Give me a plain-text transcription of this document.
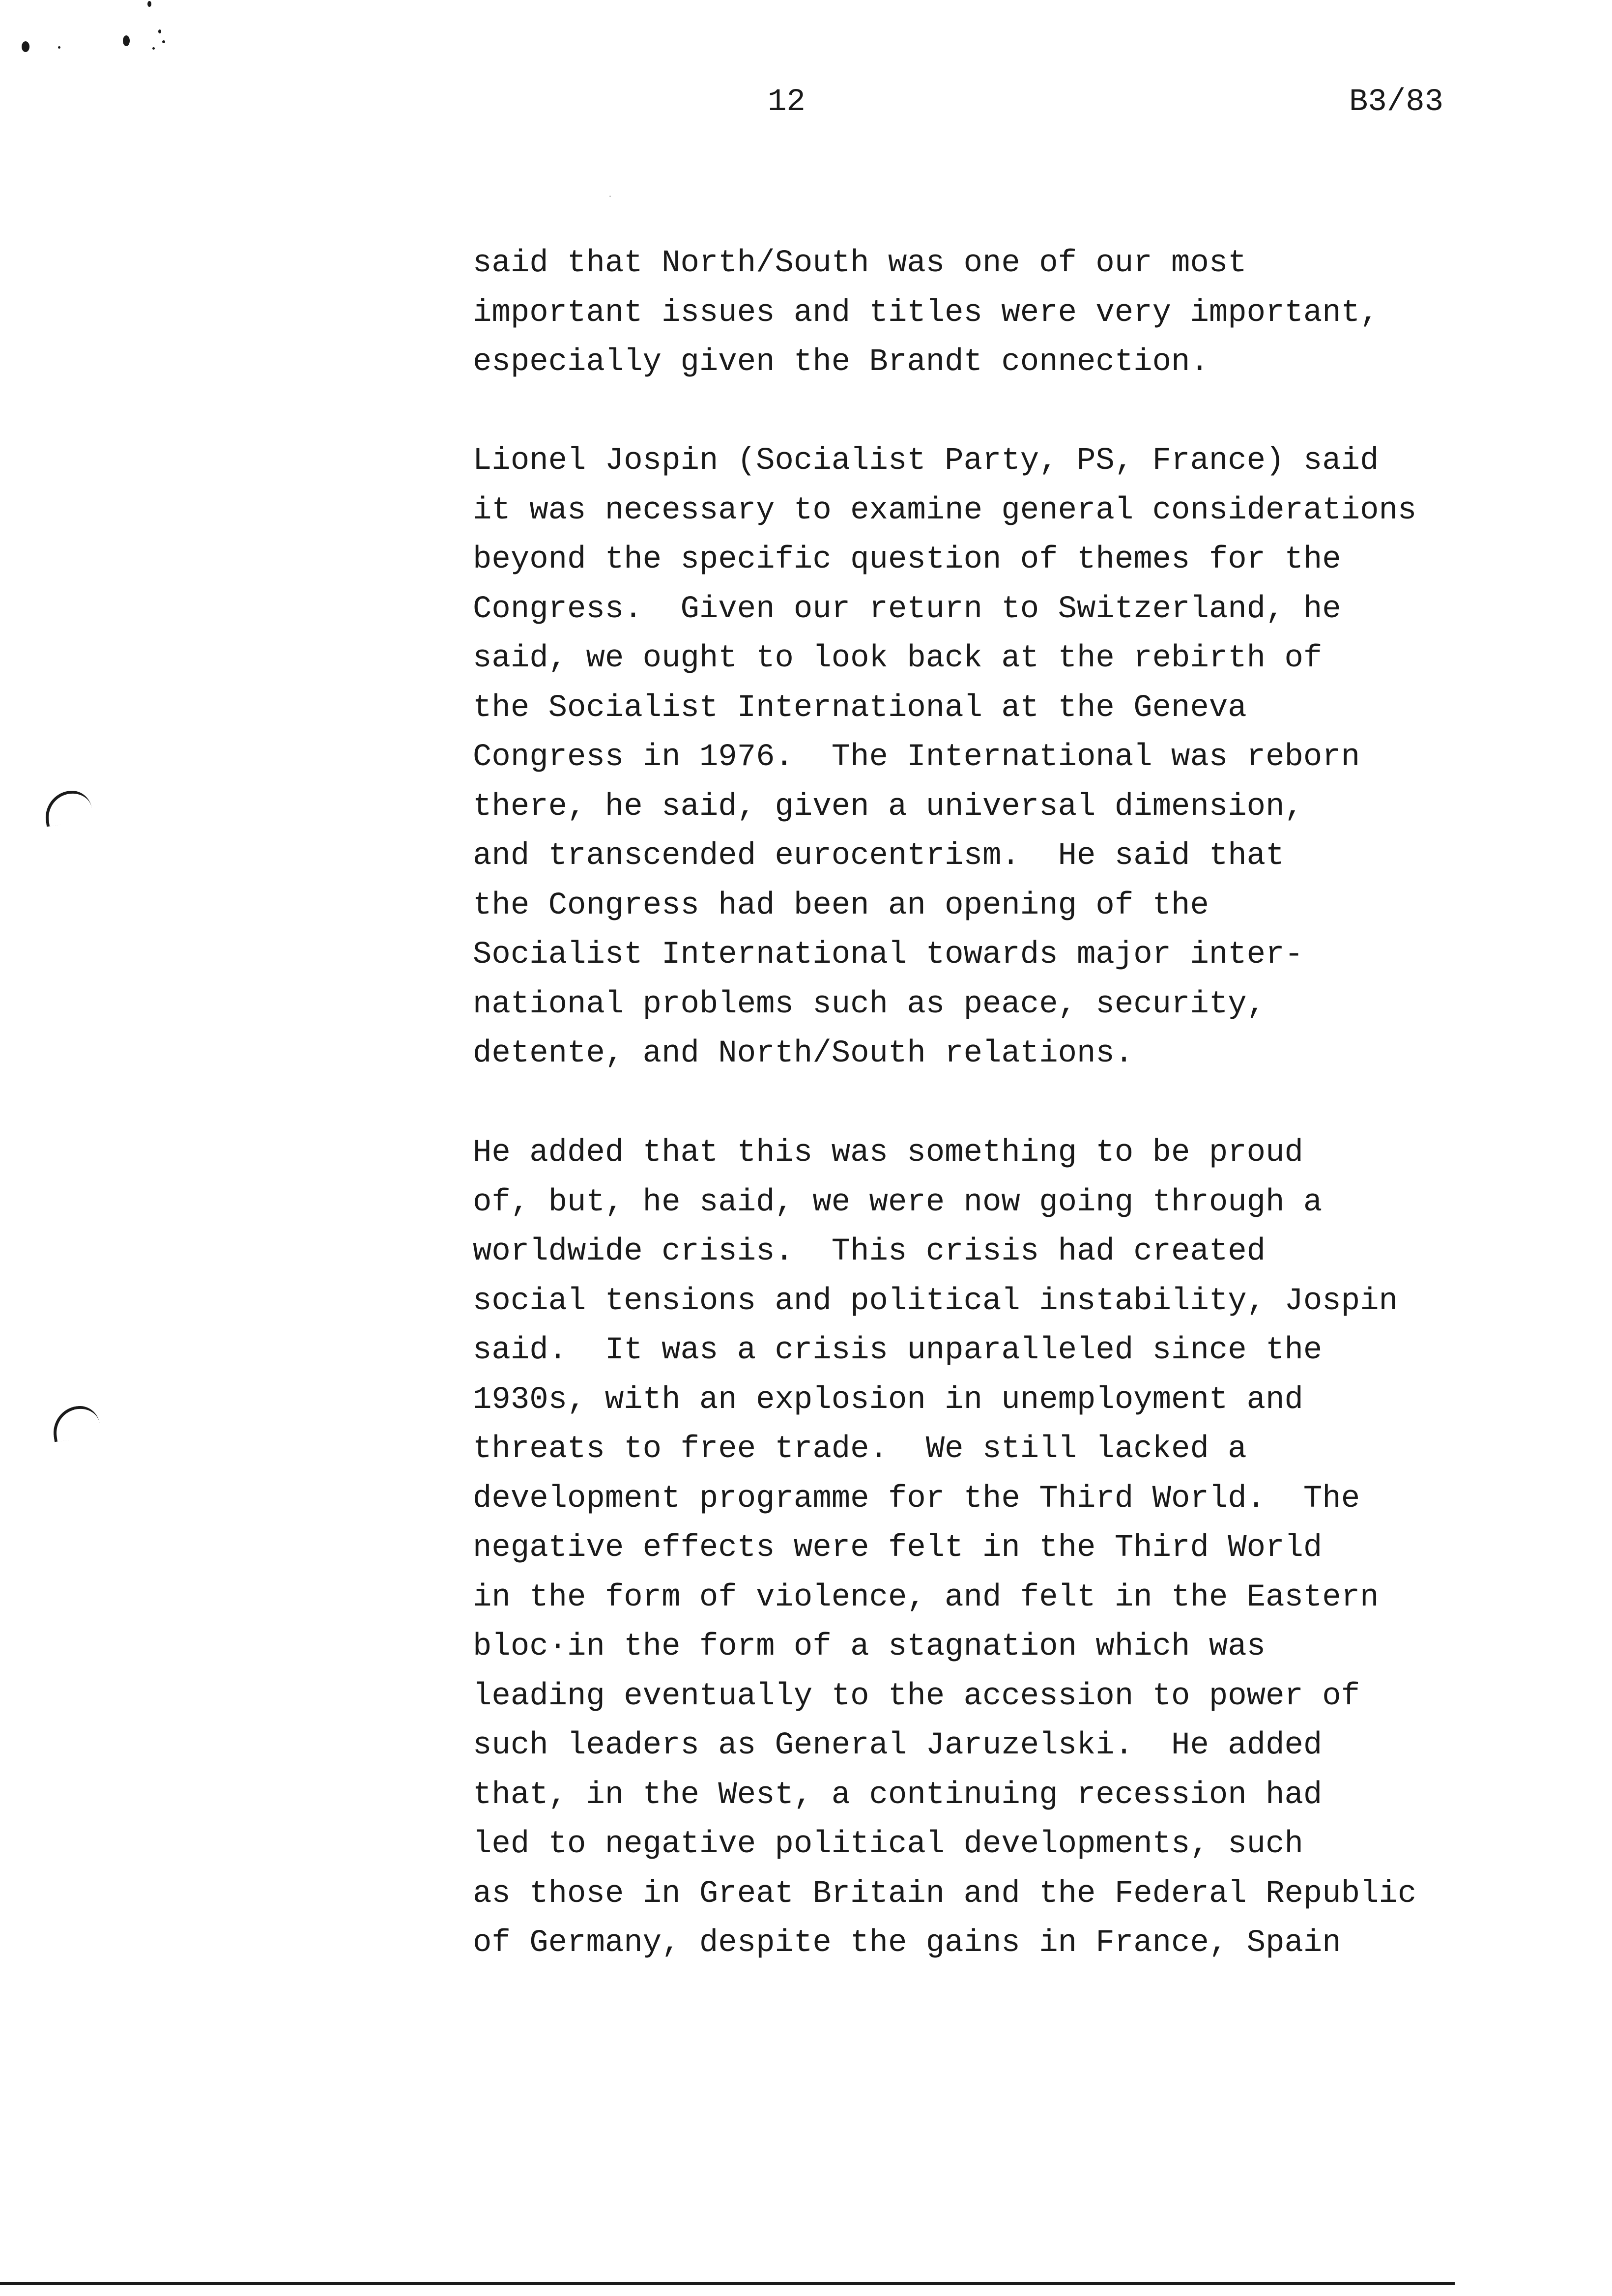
12	B3/83
said that North/South was one of our most
important issues and titles were very important,
especially given the Brandt connection.
Lionel Jospin (Socialist Party, PS, France) said
it was necessary to examine general considerations
beyond the specific question of themes for the
Congress.  Given our return to Switzerland, he
said, we ought to look back at the rebirth of
the Socialist International at the Geneva
Congress in 1976.  The International was reborn
there, he said, given a universal dimension,
and transcended eurocentrism.  He said that
the Congress had been an opening of the
Socialist International towards major inter-
national problems such as peace, security,
detente, and North/South relations.
He added that this was something to be proud
of, but, he said, we were now going through a
worldwide crisis.  This crisis had created
social tensions and political instability, Jospin
said.  It was a crisis unparalleled since the
1930s, with an explosion in unemployment and
threats to free trade.  We still lacked a
development programme for the Third World.  The
negative effects were felt in the Third World
in the form of violence, and felt in the Eastern
bloc·in the form of a stagnation which was
leading eventually to the accession to power of
such leaders as General Jaruzelski.  He added
that, in the West, a continuing recession had
led to negative political developments, such
as those in Great Britain and the Federal Republic
of Germany, despite the gains in France, Spain
